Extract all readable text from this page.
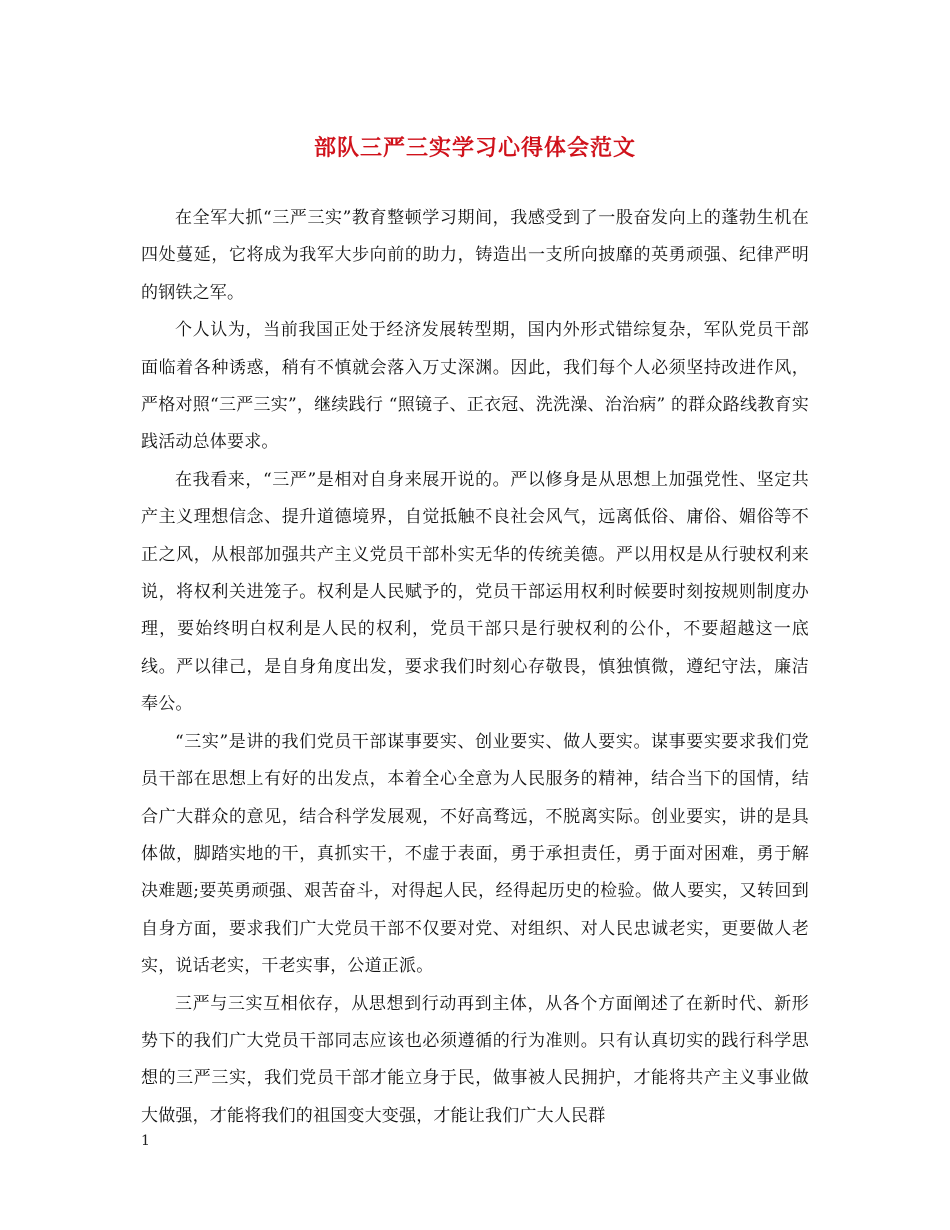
部队三严三实学习心得体会范文

在全军大抓“三严三实”教育整顿学习期间，我感受到了一股奋发向上的蓬勃生机在四处蔓延，它将成为我军大步向前的助力，铸造出一支所向披靡的英勇顽强、纪律严明的钢铁之军。

个人认为，当前我国正处于经济发展转型期，国内外形式错综复杂，军队党员干部面临着各种诱惑，稍有不慎就会落入万丈深渊。因此，我们每个人必须坚持改进作风，严格对照“三严三实”，继续践行 “照镜子、正衣冠、洗洗澡、治治病” 的群众路线教育实践活动总体要求。

在我看来，“三严”是相对自身来展开说的。严以修身是从思想上加强党性、坚定共产主义理想信念、提升道德境界，自觉抵触不良社会风气，远离低俗、庸俗、媚俗等不正之风，从根部加强共产主义党员干部朴实无华的传统美德。严以用权是从行驶权利来说，将权利关进笼子。权利是人民赋予的，党员干部运用权利时候要时刻按规则制度办理，要始终明白权利是人民的权利，党员干部只是行驶权利的公仆，不要超越这一底线。严以律己，是自身角度出发，要求我们时刻心存敬畏，慎独慎微，遵纪守法，廉洁奉公。

“三实”是讲的我们党员干部谋事要实、创业要实、做人要实。谋事要实要求我们党员干部在思想上有好的出发点，本着全心全意为人民服务的精神，结合当下的国情，结合广大群众的意见，结合科学发展观，不好高骛远，不脱离实际。创业要实，讲的是具体做，脚踏实地的干，真抓实干，不虚于表面，勇于承担责任，勇于面对困难，勇于解决难题;要英勇顽强、艰苦奋斗，对得起人民，经得起历史的检验。做人要实，又转回到自身方面，要求我们广大党员干部不仅要对党、对组织、对人民忠诚老实，更要做人老实，说话老实，干老实事，公道正派。

三严与三实互相依存，从思想到行动再到主体，从各个方面阐述了在新时代、新形势下的我们广大党员干部同志应该也必须遵循的行为准则。只有认真切实的践行科学思想的三严三实，我们党员干部才能立身于民，做事被人民拥护，才能将共产主义事业做大做强，才能将我们的祖国变大变强，才能让我们广大人民群

1
